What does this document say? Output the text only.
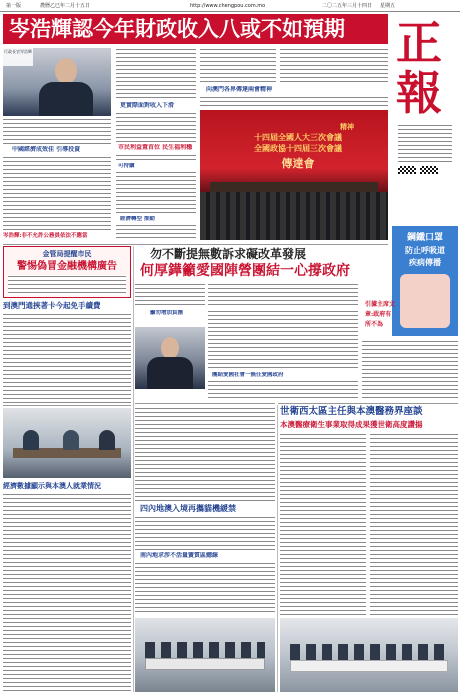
第一版	農曆乙巳年二月十五日	http://www.chengpou.com.mo	二〇二五年三月十四日 星期五
岑浩輝認今年財政收入八或不如預期	正
報
行政長官岑浩輝
中國經濟成效佳 引導投資
岑浩輝:非不允許公務員依法不應當
更實際面對收入下滑
市民利益置首位 民生福利穩
可持續
經濟轉型 推動
向澳門各界傳達兩會精神
十四屆全國人大三次會議
全國政協十四屆三次會議
精神
傳達會
鋼鐵口罩
防止呼吸道
疾病傳播
勿不斷提無數訴求礙改革發展
何厚鏵籲愛國陣營團結一心撐政府
籲勿增加負擔
團結愛國社會一無任愛國政府
引據主席文
章:政府有
所不為
金管局提醒市民
警惕偽冒金融機構廣告
到澳門通挾著卡今起免手續費
經濟數據顯示與本澳人就業情況
四內地澳入境再攜貓機緩禁
南內地求涉不活量簧質區總線
世衛西太區主任與本澳醫務界座談
本澳醫療衛生事業取得成果獲世衛高度讚揚
